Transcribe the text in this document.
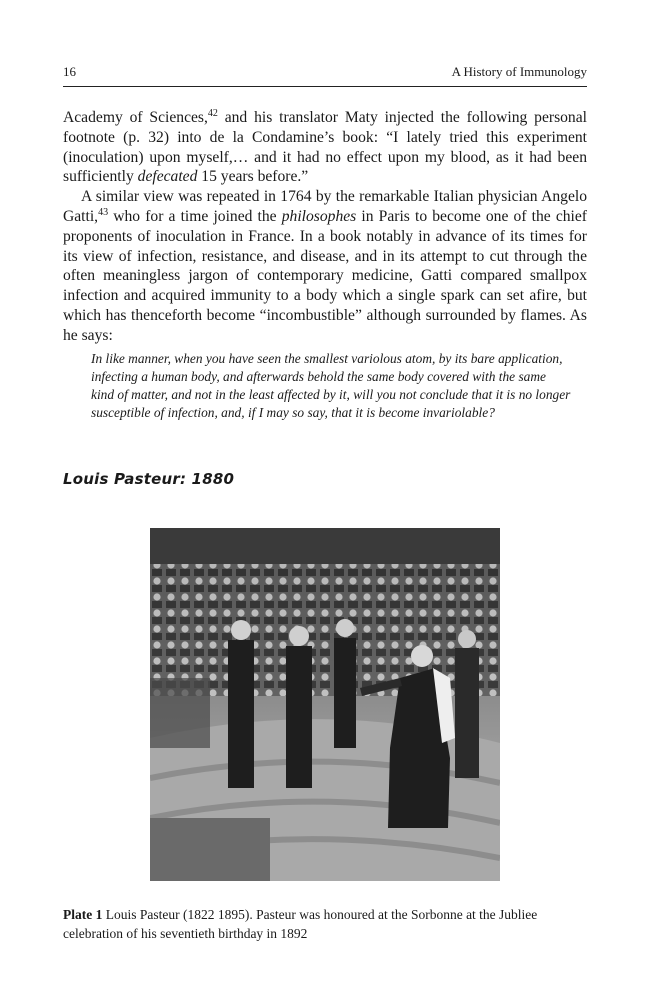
16	A History of Immunology

Academy of Sciences,$^{42}$ and his translator Maty injected the following personal footnote (p. 32) into de la Condamine’s book: “I lately tried this experiment (inoculation) upon myself,… and it had no effect upon my blood, as it had been sufficiently defecated 15 years before.”

A similar view was repeated in 1764 by the remarkable Italian physician Angelo Gatti,$^{43}$ who for a time joined the philosophes in Paris to become one of the chief proponents of inoculation in France. In a book notably in advance of its times for its view of infection, resistance, and disease, and in its attempt to cut through the often meaningless jargon of contemporary medicine, Gatti compared smallpox infection and acquired immunity to a body which a single spark can set afire, but which has thenceforth become “incombustible” although surrounded by flames. As he says:

In like manner, when you have seen the smallest variolous atom, by its bare application, infecting a human body, and afterwards behold the same body covered with the same kind of matter, and not in the least affected by it, will you not conclude that it is no longer susceptible of infection, and, if I may so say, that it is become invariolable?

Louis Pasteur: 1880

Plate 1 Louis Pasteur (1822 1895). Pasteur was honoured at the Sorbonne at the Jubliee celebration of his seventieth birthday in 1892
